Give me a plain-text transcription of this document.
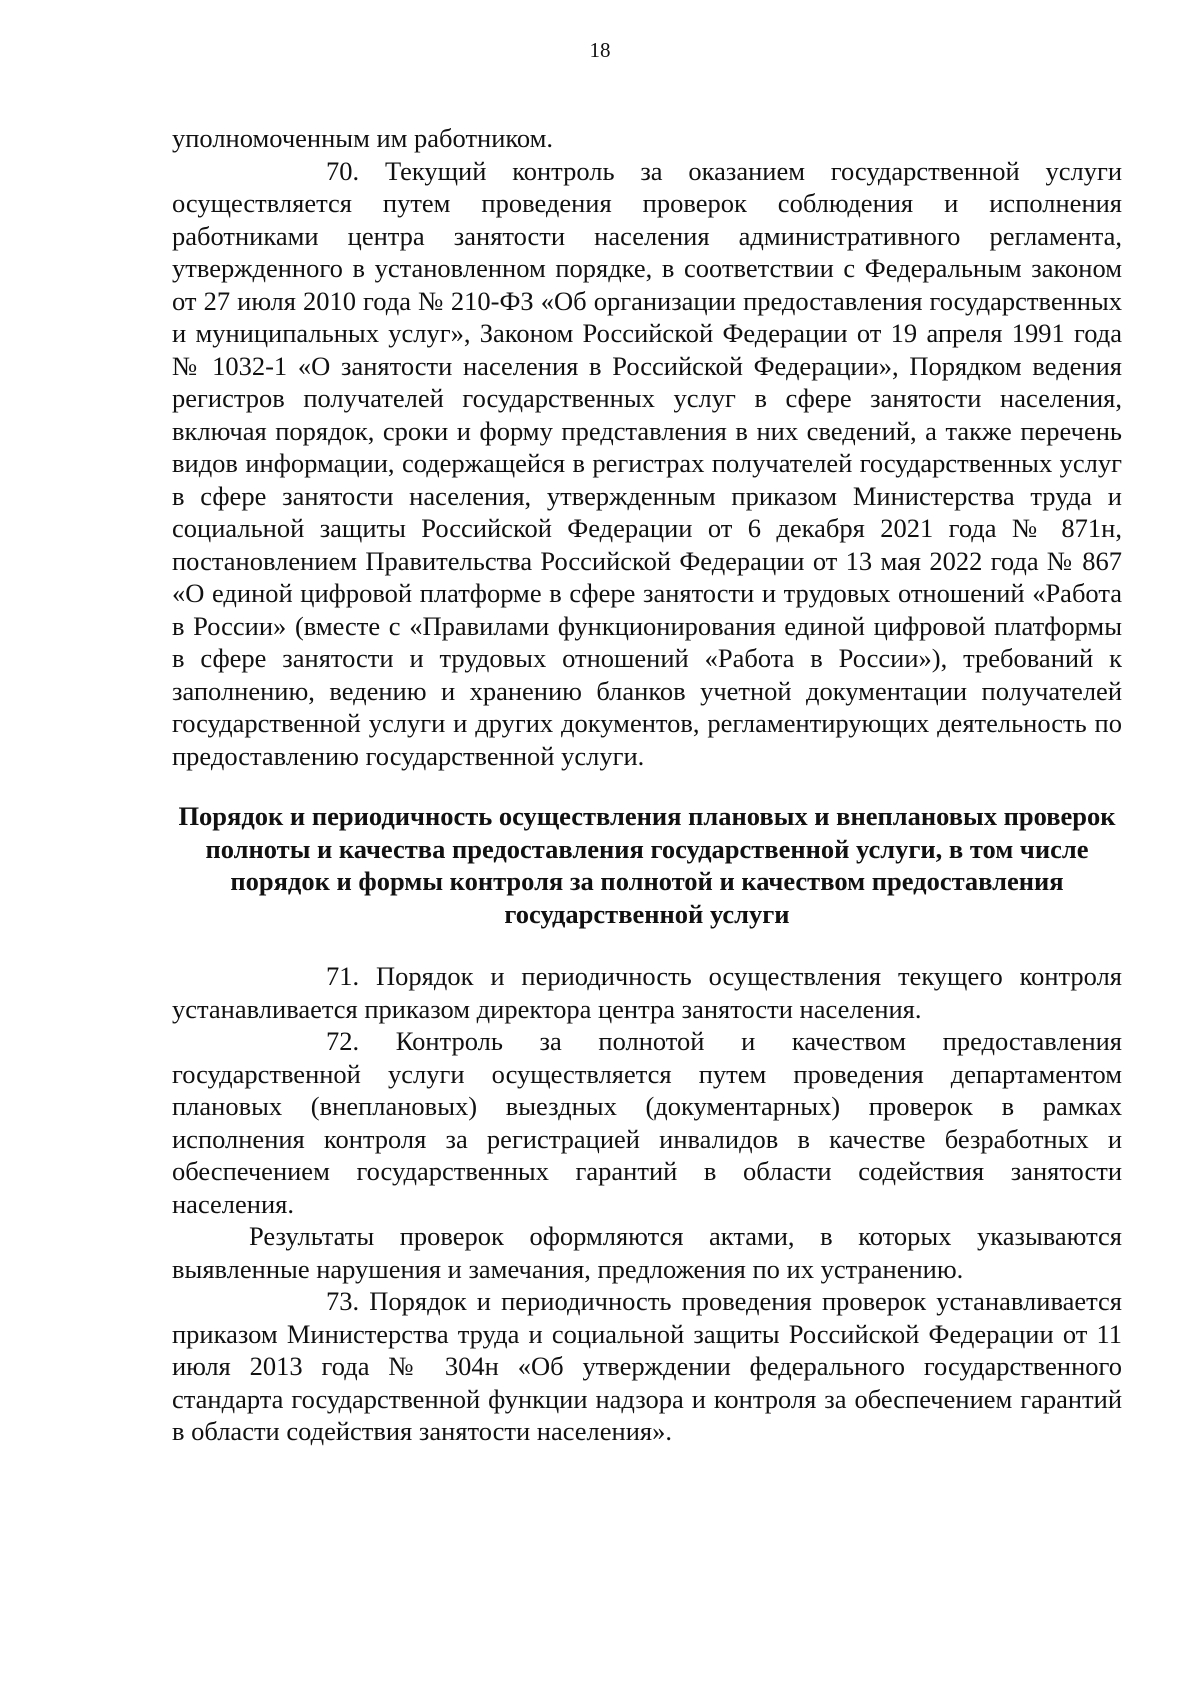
18

уполномоченным им работником.

70. Текущий контроль за оказанием государственной услуги осуществляется путем проведения проверок соблюдения и исполнения работниками центра занятости населения административного регламента, утвержденного в установленном порядке, в соответствии с Федеральным законом от 27 июля 2010 года № 210-ФЗ «Об организации предоставления государственных и муниципальных услуг», Законом Российской Федерации от 19 апреля 1991 года № 1032-1 «О занятости населения в Российской Федерации», Порядком ведения регистров получателей государственных услуг в сфере занятости населения, включая порядок, сроки и форму представления в них сведений, а также перечень видов информации, содержащейся в регистрах получателей государственных услуг в сфере занятости населения, утвержденным приказом Министерства труда и социальной защиты Российской Федерации от 6 декабря 2021 года № 871н, постановлением Правительства Российской Федерации от 13 мая 2022 года № 867 «О единой цифровой платформе в сфере занятости и трудовых отношений «Работа в России» (вместе с «Правилами функционирования единой цифровой платформы в сфере занятости и трудовых отношений «Работа в России»), требований к заполнению, ведению и хранению бланков учетной документации получателей государственной услуги и других документов, регламентирующих деятельность по предоставлению государственной услуги.

Порядок и периодичность осуществления плановых и внеплановых проверок полноты и качества предоставления государственной услуги, в том числе порядок и формы контроля за полнотой и качеством предоставления государственной услуги

71. Порядок и периодичность осуществления текущего контроля устанавливается приказом директора центра занятости населения.

72. Контроль за полнотой и качеством предоставления государственной услуги осуществляется путем проведения департаментом плановых (внеплановых) выездных (документарных) проверок в рамках исполнения контроля за регистрацией инвалидов в качестве безработных и обеспечением государственных гарантий в области содействия занятости населения.

Результаты проверок оформляются актами, в которых указываются выявленные нарушения и замечания, предложения по их устранению.

73. Порядок и периодичность проведения проверок устанавливается приказом Министерства труда и социальной защиты Российской Федерации от 11 июля 2013 года № 304н «Об утверждении федерального государственного стандарта государственной функции надзора и контроля за обеспечением гарантий в области содействия занятости населения».
